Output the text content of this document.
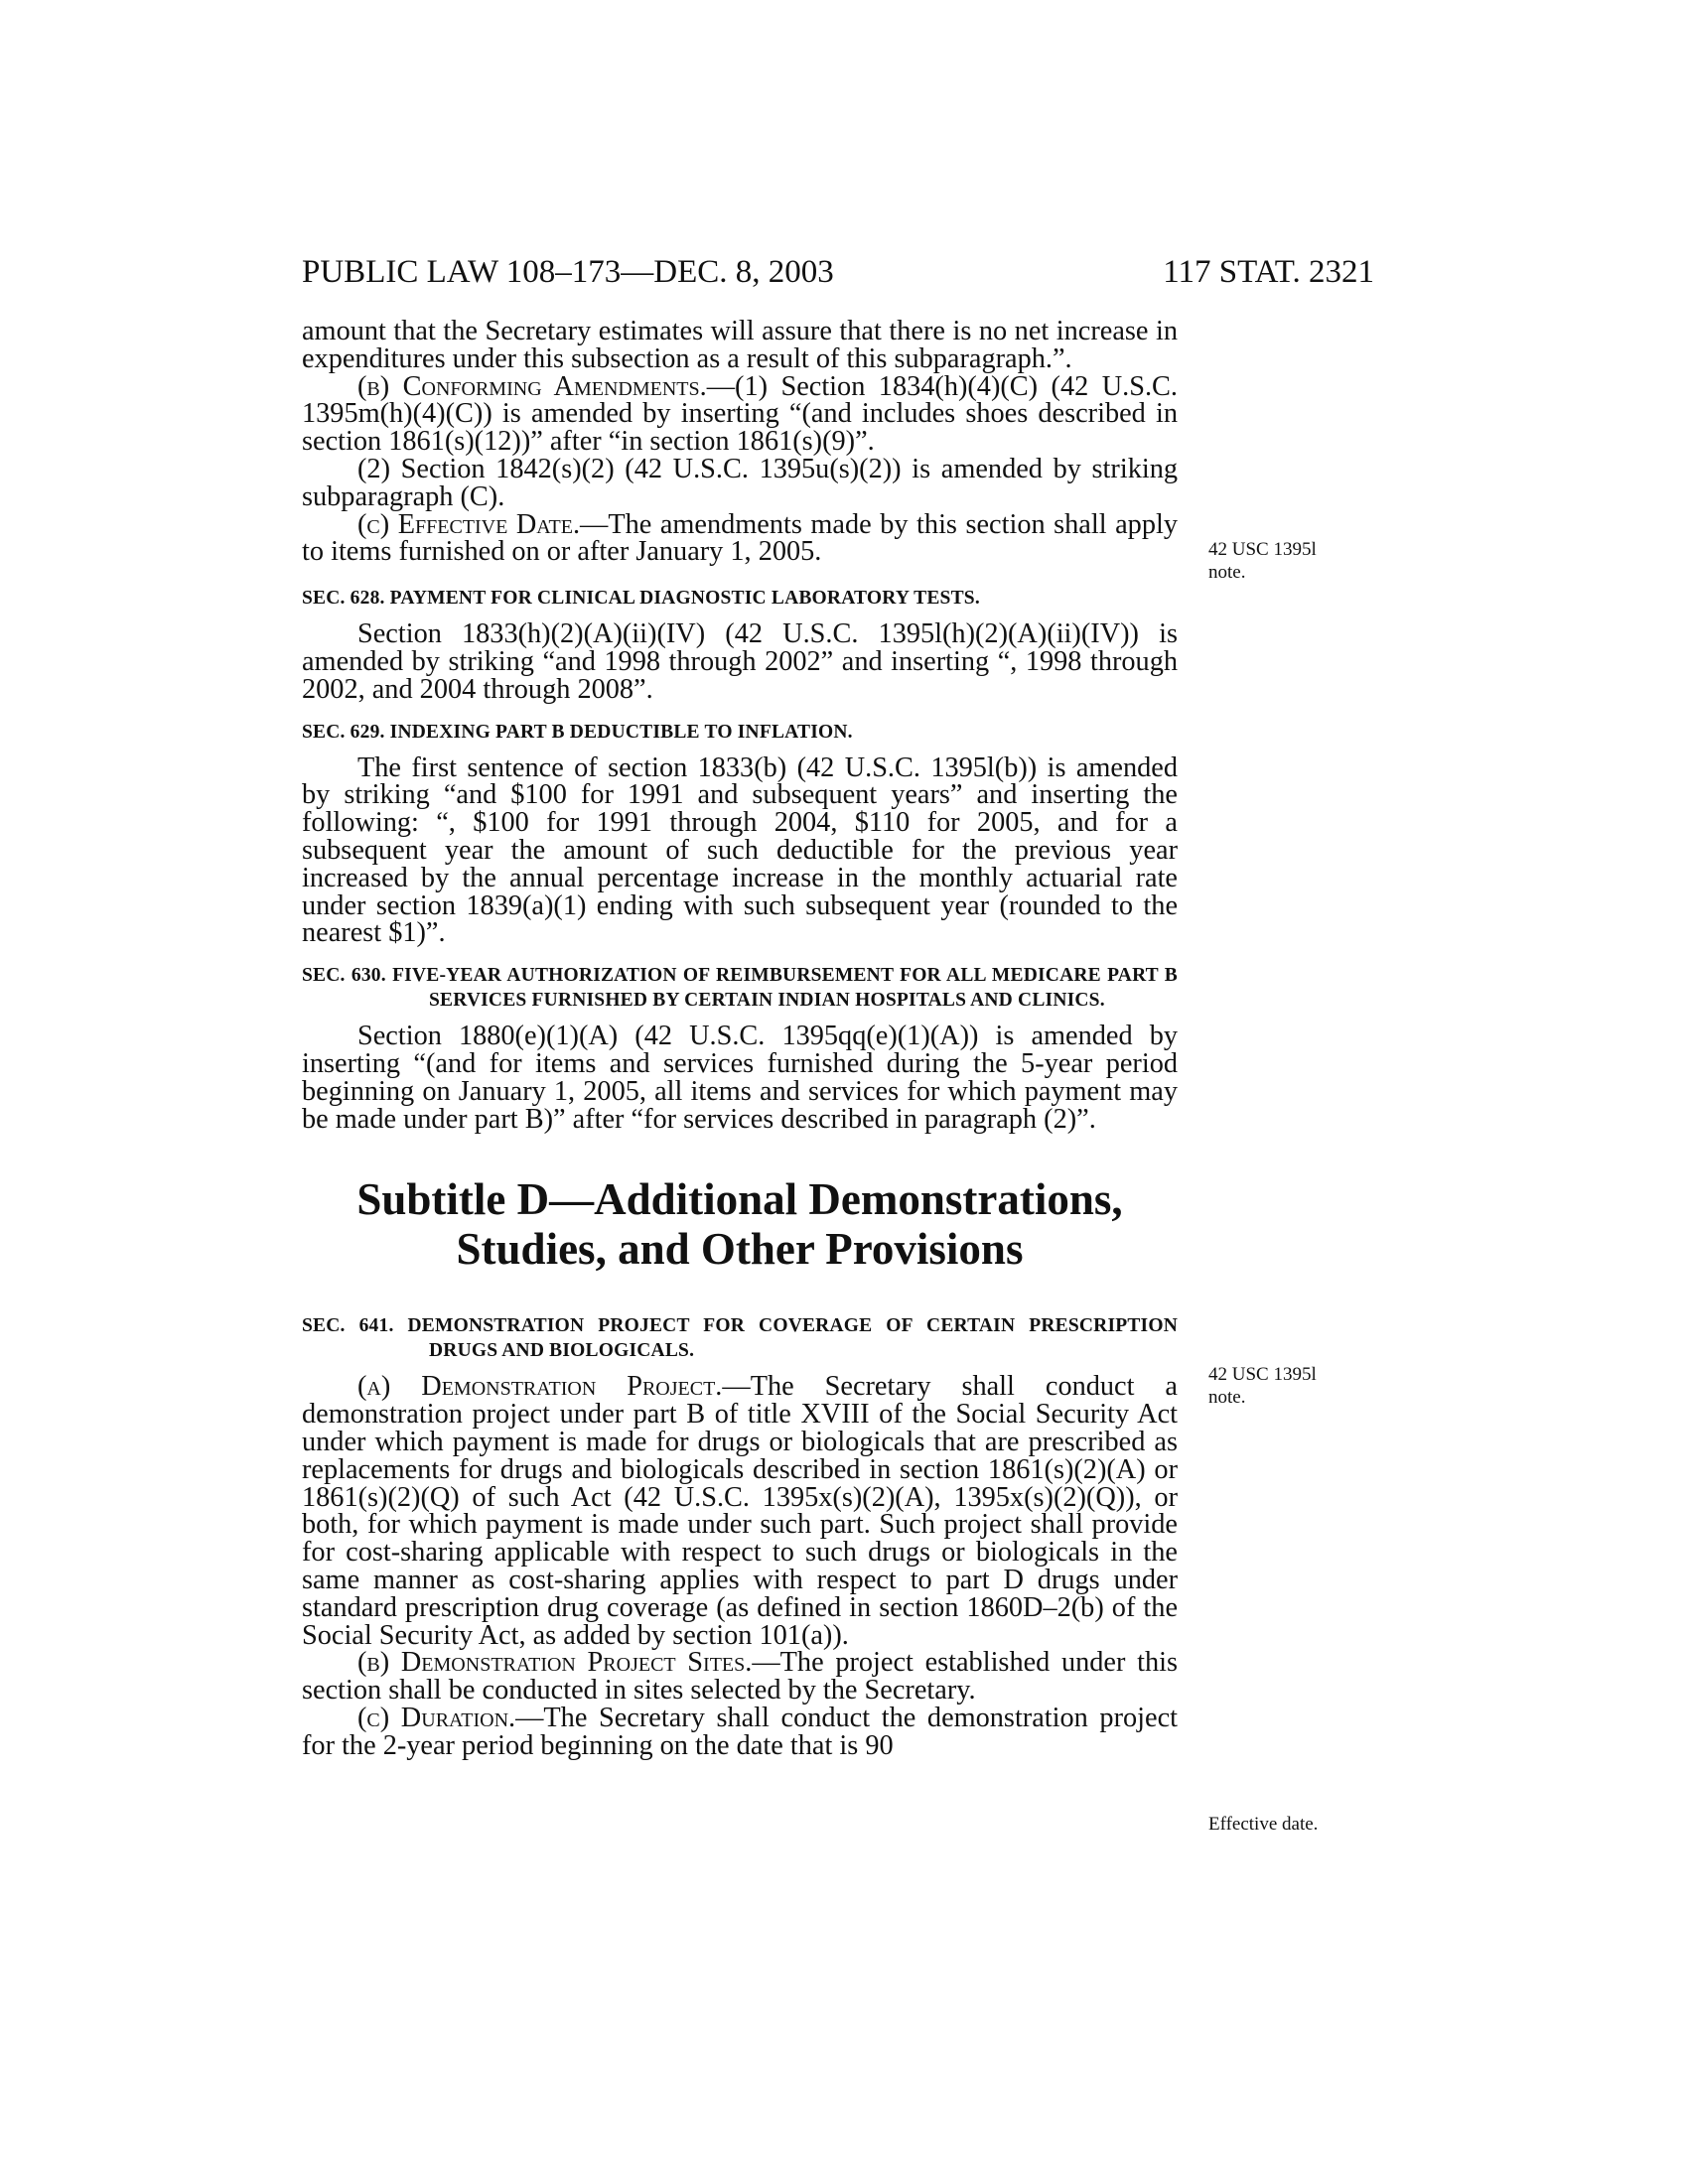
PUBLIC LAW 108–173—DEC. 8, 2003	117 STAT. 2321

amount that the Secretary estimates will assure that there is no net increase in expenditures under this subsection as a result of this subparagraph.”.

(b) Conforming Amendments.—(1) Section 1834(h)(4)(C) (42 U.S.C. 1395m(h)(4)(C)) is amended by inserting “(and includes shoes described in section 1861(s)(12))” after “in section 1861(s)(9)”.

(2) Section 1842(s)(2) (42 U.S.C. 1395u(s)(2)) is amended by striking subparagraph (C).

(c) Effective Date.—The amendments made by this section shall apply to items furnished on or after January 1, 2005.

SEC. 628. PAYMENT FOR CLINICAL DIAGNOSTIC LABORATORY TESTS.

Section 1833(h)(2)(A)(ii)(IV) (42 U.S.C. 1395l(h)(2)(A)(ii)(IV)) is amended by striking “and 1998 through 2002” and inserting “, 1998 through 2002, and 2004 through 2008”.

SEC. 629. INDEXING PART B DEDUCTIBLE TO INFLATION.

The first sentence of section 1833(b) (42 U.S.C. 1395l(b)) is amended by striking “and $100 for 1991 and subsequent years” and inserting the following: “, $100 for 1991 through 2004, $110 for 2005, and for a subsequent year the amount of such deductible for the previous year increased by the annual percentage increase in the monthly actuarial rate under section 1839(a)(1) ending with such subsequent year (rounded to the nearest $1)”.

SEC. 630. FIVE-YEAR AUTHORIZATION OF REIMBURSEMENT FOR ALL MEDICARE PART B SERVICES FURNISHED BY CERTAIN INDIAN HOSPITALS AND CLINICS.

Section 1880(e)(1)(A) (42 U.S.C. 1395qq(e)(1)(A)) is amended by inserting “(and for items and services furnished during the 5-year period beginning on January 1, 2005, all items and services for which payment may be made under part B)” after “for services described in paragraph (2)”.

Subtitle D—Additional Demonstrations,
Studies, and Other Provisions
SEC. 641. DEMONSTRATION PROJECT FOR COVERAGE OF CERTAIN PRESCRIPTION DRUGS AND BIOLOGICALS.

(a) Demonstration Project.—The Secretary shall conduct a demonstration project under part B of title XVIII of the Social Security Act under which payment is made for drugs or biologicals that are prescribed as replacements for drugs and biologicals described in section 1861(s)(2)(A) or 1861(s)(2)(Q) of such Act (42 U.S.C. 1395x(s)(2)(A), 1395x(s)(2)(Q)), or both, for which payment is made under such part. Such project shall provide for cost-sharing applicable with respect to such drugs or biologicals in the same manner as cost-sharing applies with respect to part D drugs under standard prescription drug coverage (as defined in section 1860D–2(b) of the Social Security Act, as added by section 101(a)).

(b) Demonstration Project Sites.—The project established under this section shall be conducted in sites selected by the Secretary.

(c) Duration.—The Secretary shall conduct the demonstration project for the 2-year period beginning on the date that is 90

42 USC 1395l
note.
42 USC 1395l
note.
Effective date.
